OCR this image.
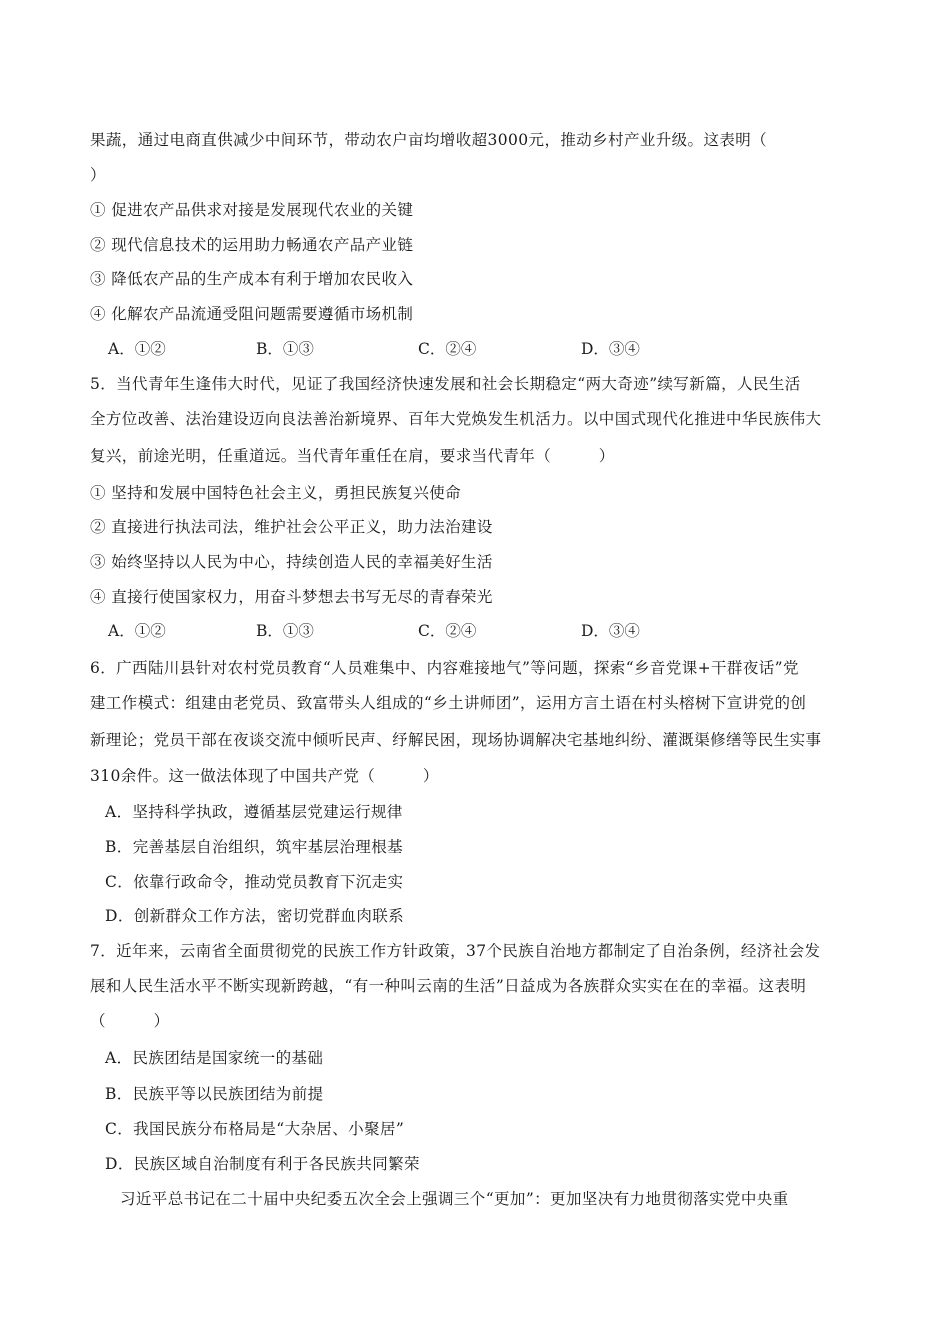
果蔬，通过电商直供减少中间环节，带动农户亩均增收超3000元，推动乡村产业升级。这表明（
）
① 促进农产品供求对接是发展现代农业的关键
② 现代信息技术的运用助力畅通农产品产业链
③ 降低农产品的生产成本有利于增加农民收入
④ 化解农产品流通受阻问题需要遵循市场机制
A．①②	B．①③	C．②④	D．③④
5．当代青年生逢伟大时代，见证了我国经济快速发展和社会长期稳定“两大奇迹”续写新篇，人民生活
全方位改善、法治建设迈向良法善治新境界、百年大党焕发生机活力。以中国式现代化推进中华民族伟大
复兴，前途光明，任重道远。当代青年重任在肩，要求当代青年（　　　）
① 坚持和发展中国特色社会主义，勇担民族复兴使命
② 直接进行执法司法，维护社会公平正义，助力法治建设
③ 始终坚持以人民为中心，持续创造人民的幸福美好生活
④ 直接行使国家权力，用奋斗梦想去书写无尽的青春荣光
A．①②	B．①③	C．②④	D．③④
6．广西陆川县针对农村党员教育“人员难集中、内容难接地气”等问题，探索“乡音党课+干群夜话”党
建工作模式：组建由老党员、致富带头人组成的“乡土讲师团”，运用方言土语在村头榕树下宣讲党的创
新理论；党员干部在夜谈交流中倾听民声、纾解民困，现场协调解决宅基地纠纷、灌溉渠修缮等民生实事
310余件。这一做法体现了中国共产党（　　　）
A．坚持科学执政，遵循基层党建运行规律
B．完善基层自治组织，筑牢基层治理根基
C．依靠行政命令，推动党员教育下沉走实
D．创新群众工作方法，密切党群血肉联系
7．近年来，云南省全面贯彻党的民族工作方针政策，37个民族自治地方都制定了自治条例，经济社会发
展和人民生活水平不断实现新跨越，“有一种叫云南的生活”日益成为各族群众实实在在的幸福。这表明
（　　　）
A．民族团结是国家统一的基础
B．民族平等以民族团结为前提
C．我国民族分布格局是“大杂居、小聚居”
D．民族区域自治制度有利于各民族共同繁荣
习近平总书记在二十届中央纪委五次全会上强调三个“更加”：更加坚决有力地贯彻落实党中央重
